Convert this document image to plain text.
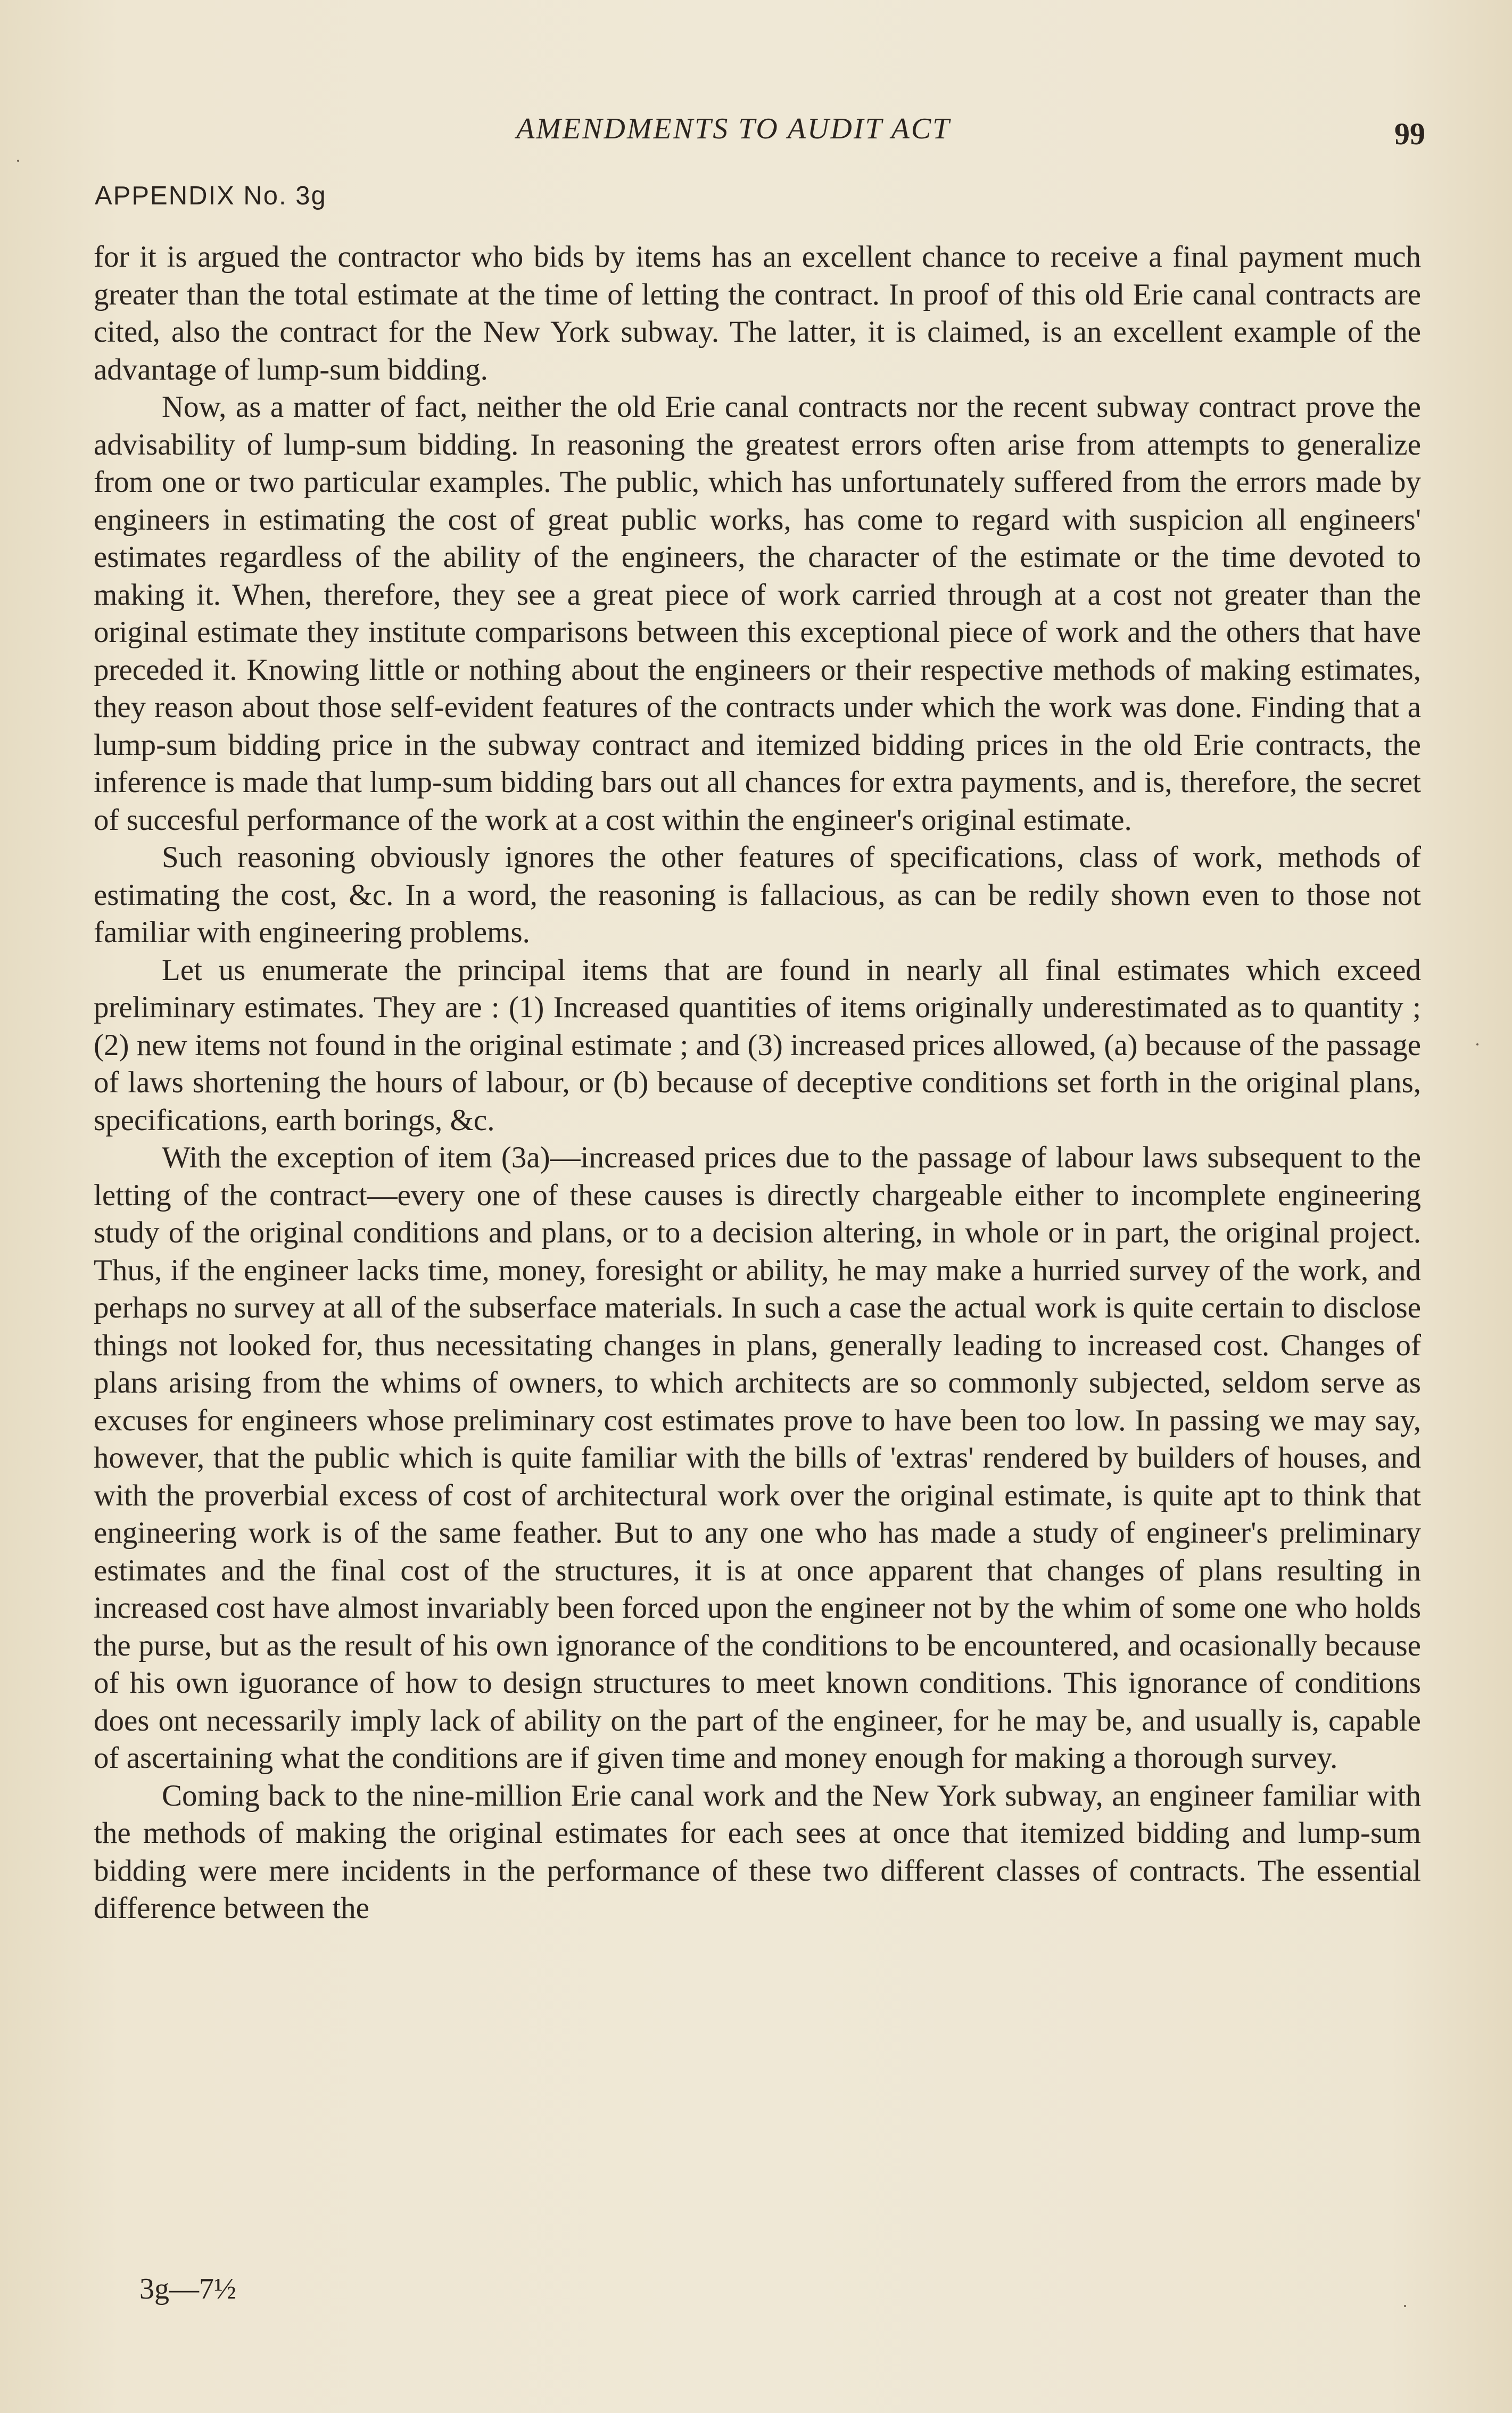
AMENDMENTS TO AUDIT ACT	99
APPENDIX No. 3g

for it is argued the contractor who bids by items has an excellent chance to receive a final payment much greater than the total estimate at the time of letting the contract. In proof of this old Erie canal contracts are cited, also the contract for the New York subway. The latter, it is claimed, is an excellent example of the advantage of lump-sum bidding.

Now, as a matter of fact, neither the old Erie canal contracts nor the recent subway contract prove the advisability of lump-sum bidding. In reasoning the greatest errors often arise from attempts to generalize from one or two particular examples. The public, which has unfortunately suffered from the errors made by engineers in estimating the cost of great public works, has come to regard with suspicion all engineers' estimates regardless of the ability of the engineers, the character of the estimate or the time devoted to making it. When, therefore, they see a great piece of work carried through at a cost not greater than the original estimate they institute comparisons between this exceptional piece of work and the others that have preceded it. Knowing little or nothing about the engineers or their respective methods of making estimates, they reason about those self-evident features of the contracts under which the work was done. Finding that a lump-sum bidding price in the subway contract and itemized bidding prices in the old Erie contracts, the inference is made that lump-sum bidding bars out all chances for extra payments, and is, therefore, the secret of succesful performance of the work at a cost within the engineer's original estimate.

Such reasoning obviously ignores the other features of specifications, class of work, methods of estimating the cost, &c. In a word, the reasoning is fallacious, as can be redily shown even to those not familiar with engineering problems.

Let us enumerate the principal items that are found in nearly all final estimates which exceed preliminary estimates. They are : (1) Increased quantities of items originally underestimated as to quantity ; (2) new items not found in the original estimate ; and (3) increased prices allowed, (a) because of the passage of laws shortening the hours of labour, or (b) because of deceptive conditions set forth in the original plans, specifications, earth borings, &c.

With the exception of item (3a)—increased prices due to the passage of labour laws subsequent to the letting of the contract—every one of these causes is directly chargeable either to incomplete engineering study of the original conditions and plans, or to a decision altering, in whole or in part, the original project. Thus, if the engineer lacks time, money, foresight or ability, he may make a hurried survey of the work, and perhaps no survey at all of the subserface materials. In such a case the actual work is quite certain to disclose things not looked for, thus necessitating changes in plans, generally leading to increased cost. Changes of plans arising from the whims of owners, to which architects are so commonly subjected, seldom serve as excuses for engineers whose preliminary cost estimates prove to have been too low. In passing we may say, however, that the public which is quite familiar with the bills of 'extras' rendered by builders of houses, and with the proverbial excess of cost of architectural work over the original estimate, is quite apt to think that engineering work is of the same feather. But to any one who has made a study of engineer's preliminary estimates and the final cost of the structures, it is at once apparent that changes of plans resulting in increased cost have almost invariably been forced upon the engineer not by the whim of some one who holds the purse, but as the result of his own ignorance of the conditions to be encountered, and ocasionally because of his own iguorance of how to design structures to meet known conditions. This ignorance of conditions does ont necessarily imply lack of ability on the part of the engineer, for he may be, and usually is, capable of ascertaining what the conditions are if given time and money enough for making a thorough survey.

Coming back to the nine-million Erie canal work and the New York subway, an engineer familiar with the methods of making the original estimates for each sees at once that itemized bidding and lump-sum bidding were mere incidents in the performance of these two different classes of contracts. The essential difference between the

3g—7½
